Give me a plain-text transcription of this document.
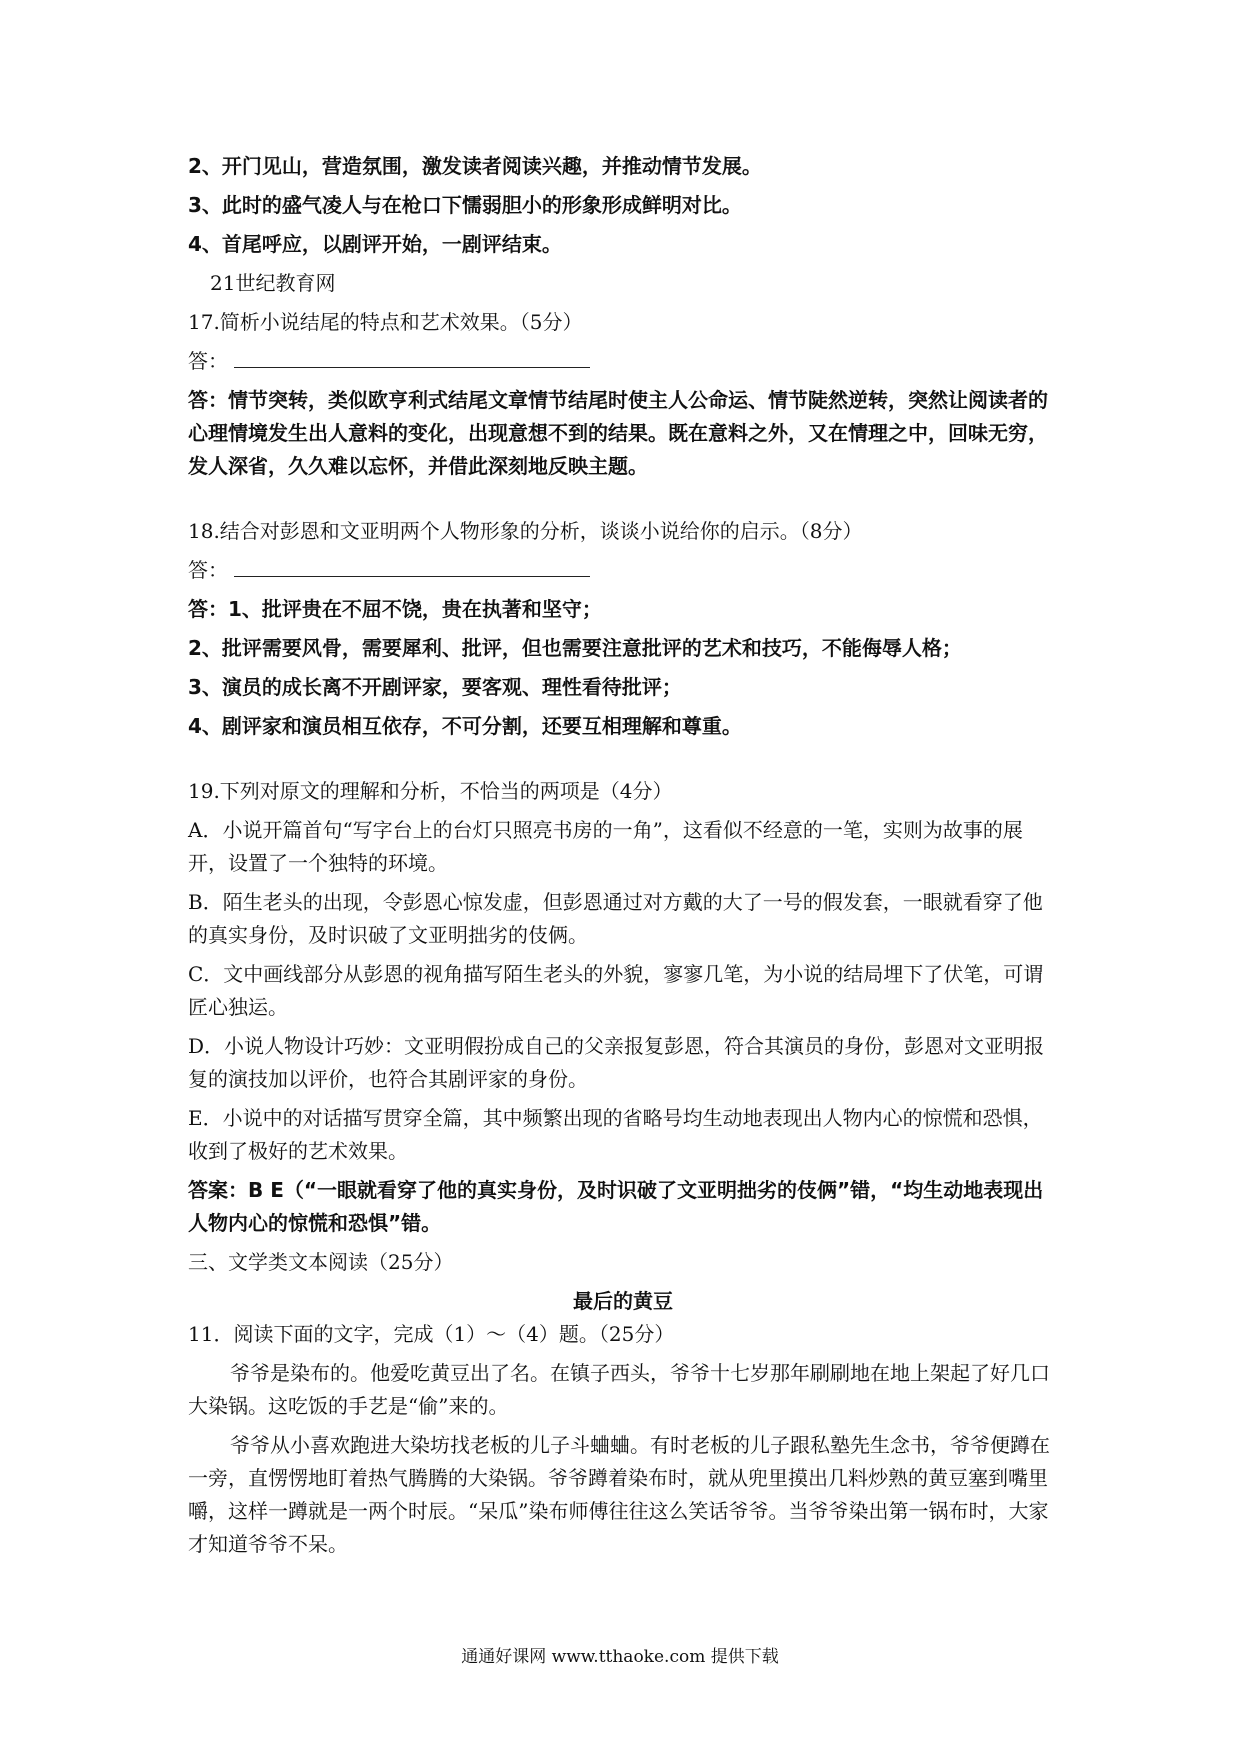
2、开门见山，营造氛围，激发读者阅读兴趣，并推动情节发展。

3、此时的盛气凌人与在枪口下懦弱胆小的形象形成鲜明对比。

4、首尾呼应，以剧评开始，一剧评结束。

21世纪教育网

17.简析小说结尾的特点和艺术效果。（5分）

答：

答：情节突转，类似欧亨利式结尾文章情节结尾时使主人公命运、情节陡然逆转，突然让阅读者的心理情境发生出人意料的变化，出现意想不到的结果。既在意料之外，又在情理之中，回味无穷，发人深省，久久难以忘怀，并借此深刻地反映主题。

18.结合对彭恩和文亚明两个人物形象的分析，谈谈小说给你的启示。（8分）

答：

答：1、批评贵在不屈不饶，贵在执著和坚守；

2、批评需要风骨，需要犀利、批评，但也需要注意批评的艺术和技巧，不能侮辱人格；

3、演员的成长离不开剧评家，要客观、理性看待批评；

4、剧评家和演员相互依存，不可分割，还要互相理解和尊重。

19.下列对原文的理解和分析，不恰当的两项是（4分）

A．小说开篇首句“写字台上的台灯只照亮书房的一角”，这看似不经意的一笔，实则为故事的展开，设置了一个独特的环境。

B．陌生老头的出现，令彭恩心惊发虚，但彭恩通过对方戴的大了一号的假发套，一眼就看穿了他的真实身份，及时识破了文亚明拙劣的伎俩。

C．文中画线部分从彭恩的视角描写陌生老头的外貌，寥寥几笔，为小说的结局埋下了伏笔，可谓匠心独运。

D．小说人物设计巧妙：文亚明假扮成自己的父亲报复彭恩，符合其演员的身份，彭恩对文亚明报复的演技加以评价，也符合其剧评家的身份。

E．小说中的对话描写贯穿全篇，其中频繁出现的省略号均生动地表现出人物内心的惊慌和恐惧，收到了极好的艺术效果。

答案：B E（“一眼就看穿了他的真实身份，及时识破了文亚明拙劣的伎俩”错，“均生动地表现出人物内心的惊慌和恐惧”错。

三、文学类文本阅读（25分）

最后的黄豆

11．阅读下面的文字，完成（1）～（4）题。（25分）

爷爷是染布的。他爱吃黄豆出了名。在镇子西头，爷爷十七岁那年刷刷地在地上架起了好几口大染锅。这吃饭的手艺是“偷”来的。

爷爷从小喜欢跑进大染坊找老板的儿子斗蛐蛐。有时老板的儿子跟私塾先生念书，爷爷便蹲在一旁，直愣愣地盯着热气腾腾的大染锅。爷爷蹲着染布时，就从兜里摸出几料炒熟的黄豆塞到嘴里嚼，这样一蹲就是一两个时辰。“呆瓜”染布师傅往往这么笑话爷爷。当爷爷染出第一锅布时，大家才知道爷爷不呆。

通通好课网 www.tthaoke.com 提供下载
